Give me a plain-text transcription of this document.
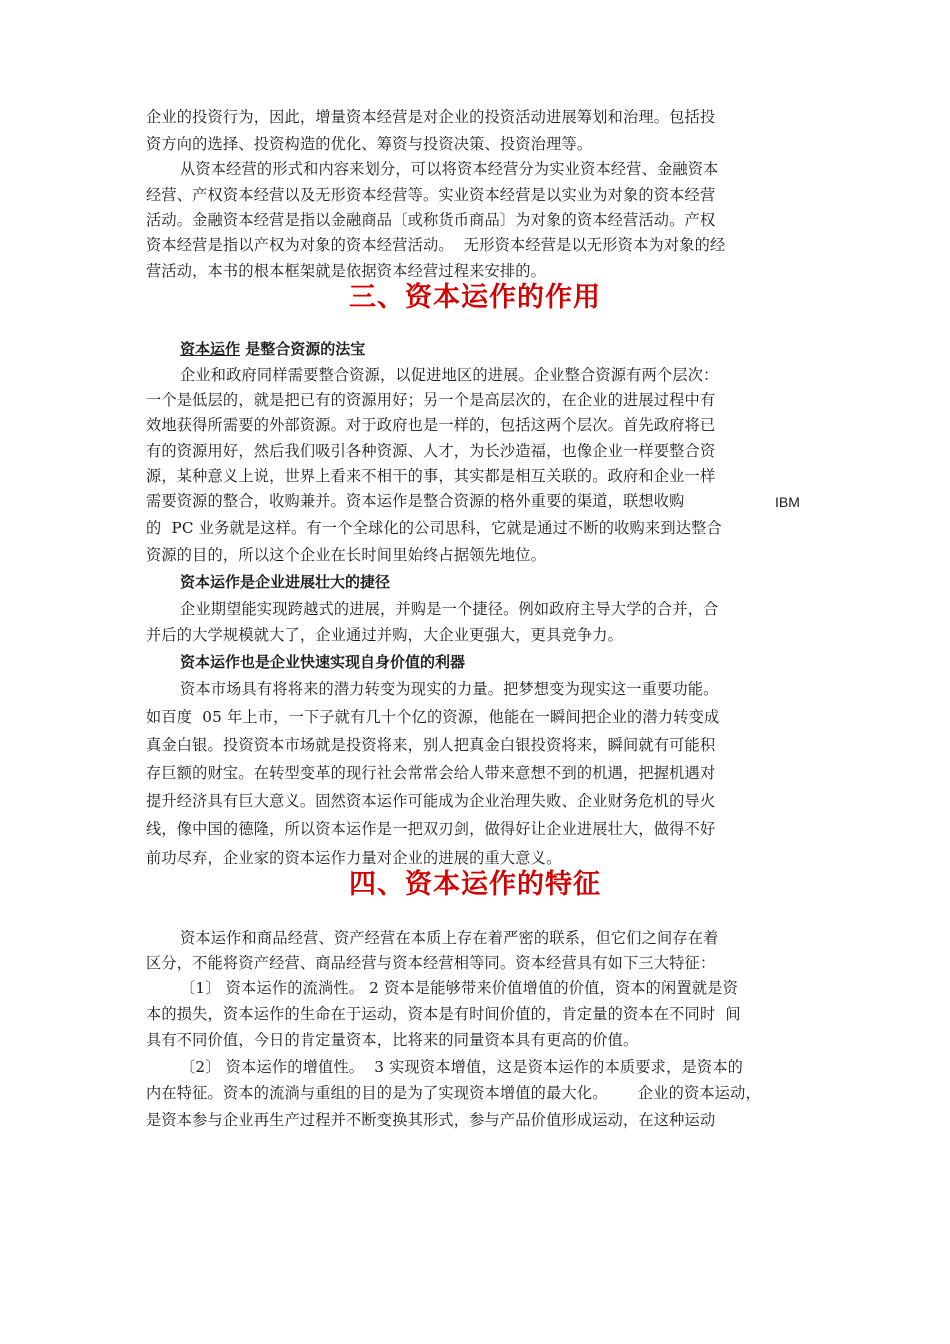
企业的投资行为，因此，增量资本经营是对企业的投资活动进展筹划和治理。包括投
资方向的选择、投资构造的优化、筹资与投资决策、投资治理等。
从资本经营的形式和内容来划分，可以将资本经营分为实业资本经营、金融资本
经营、产权资本经营以及无形资本经营等。实业资本经营是以实业为对象的资本经营
活动。金融资本经营是指以金融商品〔或称货币商品〕为对象的资本经营活动。产权
资本经营是指以产权为对象的资本经营活动。  无形资本经营是以无形资本为对象的经
营活动，本书的根本框架就是依据资本经营过程来安排的。
三、资本运作的作用
资本运作 是整合资源的法宝
企业和政府同样需要整合资源，以促进地区的进展。企业整合资源有两个层次：
一个是低层的，就是把已有的资源用好；另一个是高层次的，在企业的进展过程中有
效地获得所需要的外部资源。对于政府也是一样的，包括这两个层次。首先政府将已
有的资源用好，然后我们吸引各种资源、人才，为长沙造福，也像企业一样要整合资
源，某种意义上说，世界上看来不相干的事，其实都是相互关联的。政府和企业一样
需要资源的整合，收购兼并。资本运作是整合资源的格外重要的渠道，联想收购	IBM
的  PC 业务就是这样。有一个全球化的公司思科，它就是通过不断的收购来到达整合
资源的目的，所以这个企业在长时间里始终占据领先地位。
资本运作是企业进展壮大的捷径
企业期望能实现跨越式的进展，并购是一个捷径。例如政府主导大学的合并，合
并后的大学规模就大了，企业通过并购，大企业更强大，更具竞争力。
资本运作也是企业快速实现自身价值的利器
资本市场具有将将来的潜力转变为现实的力量。把梦想变为现实这一重要功能。
如百度  05 年上市，一下子就有几十个亿的资源，他能在一瞬间把企业的潜力转变成
真金白银。投资资本市场就是投资将来，别人把真金白银投资将来，瞬间就有可能积
存巨额的财宝。在转型变革的现行社会常常会给人带来意想不到的机遇，把握机遇对
提升经济具有巨大意义。固然资本运作可能成为企业治理失败、企业财务危机的导火
线，像中国的德隆，所以资本运作是一把双刃剑，做得好让企业进展壮大，做得不好
前功尽弃，企业家的资本运作力量对企业的进展的重大意义。
四、资本运作的特征
资本运作和商品经营、资产经营在本质上存在着严密的联系，但它们之间存在着
区分，不能将资产经营、商品经营与资本经营相等同。资本经营具有如下三大特征：
〔1〕 资本运作的流淌性。 2 资本是能够带来价值增值的价值，资本的闲置就是资
本的损失，资本运作的生命在于运动，资本是有时间价值的，肯定量的资本在不同时  间
具有不同价值，今日的肯定量资本，比将来的同量资本具有更高的价值。
〔2〕 资本运作的增值性。  3 实现资本增值，这是资本运作的本质要求，是资本的
内在特征。资本的流淌与重组的目的是为了实现资本增值的最大化。      企业的资本运动，
是资本参与企业再生产过程并不断变换其形式，参与产品价值形成运动，在这种运动
